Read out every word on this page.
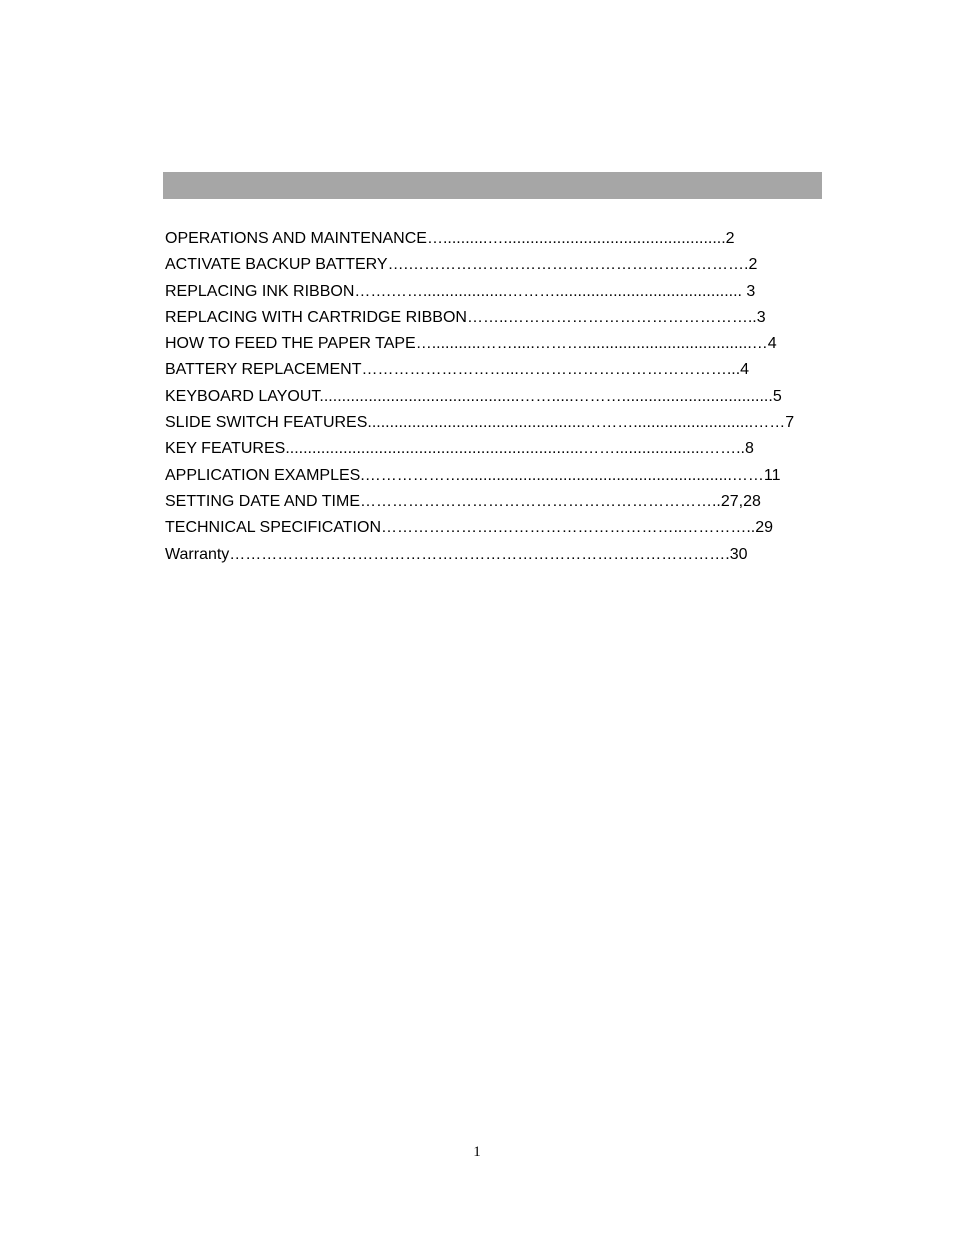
OPERATIONS AND MAINTENANCE…..........…..................................................2
ACTIVATE BACKUP BATTERY….……………………………………………………….2
REPLACING INK RIBBON…….……...................……….......................................... 3
REPLACING WITH CARTRIDGE RIBBON……..………………………………………..3
HOW TO FEED THE PAPER TAPE…...........…….....………......................................…4
BATTERY REPLACEMENT………………………...…………………………………...4
KEYBOARD LAYOUT.............................................…….....………..................................5
SLIDE SWITCH FEATURES.................................................………...........................……7
KEY FEATURES...................................................................……....................……..8
APPLICATION EXAMPLES.……………….............................................................……11
SETTING DATE AND TIME…………………………………………………………..27,28
TECHNICAL SPECIFICATION………………….……………………………..…………..29
Warranty………………………………………………………………………………….30
1
